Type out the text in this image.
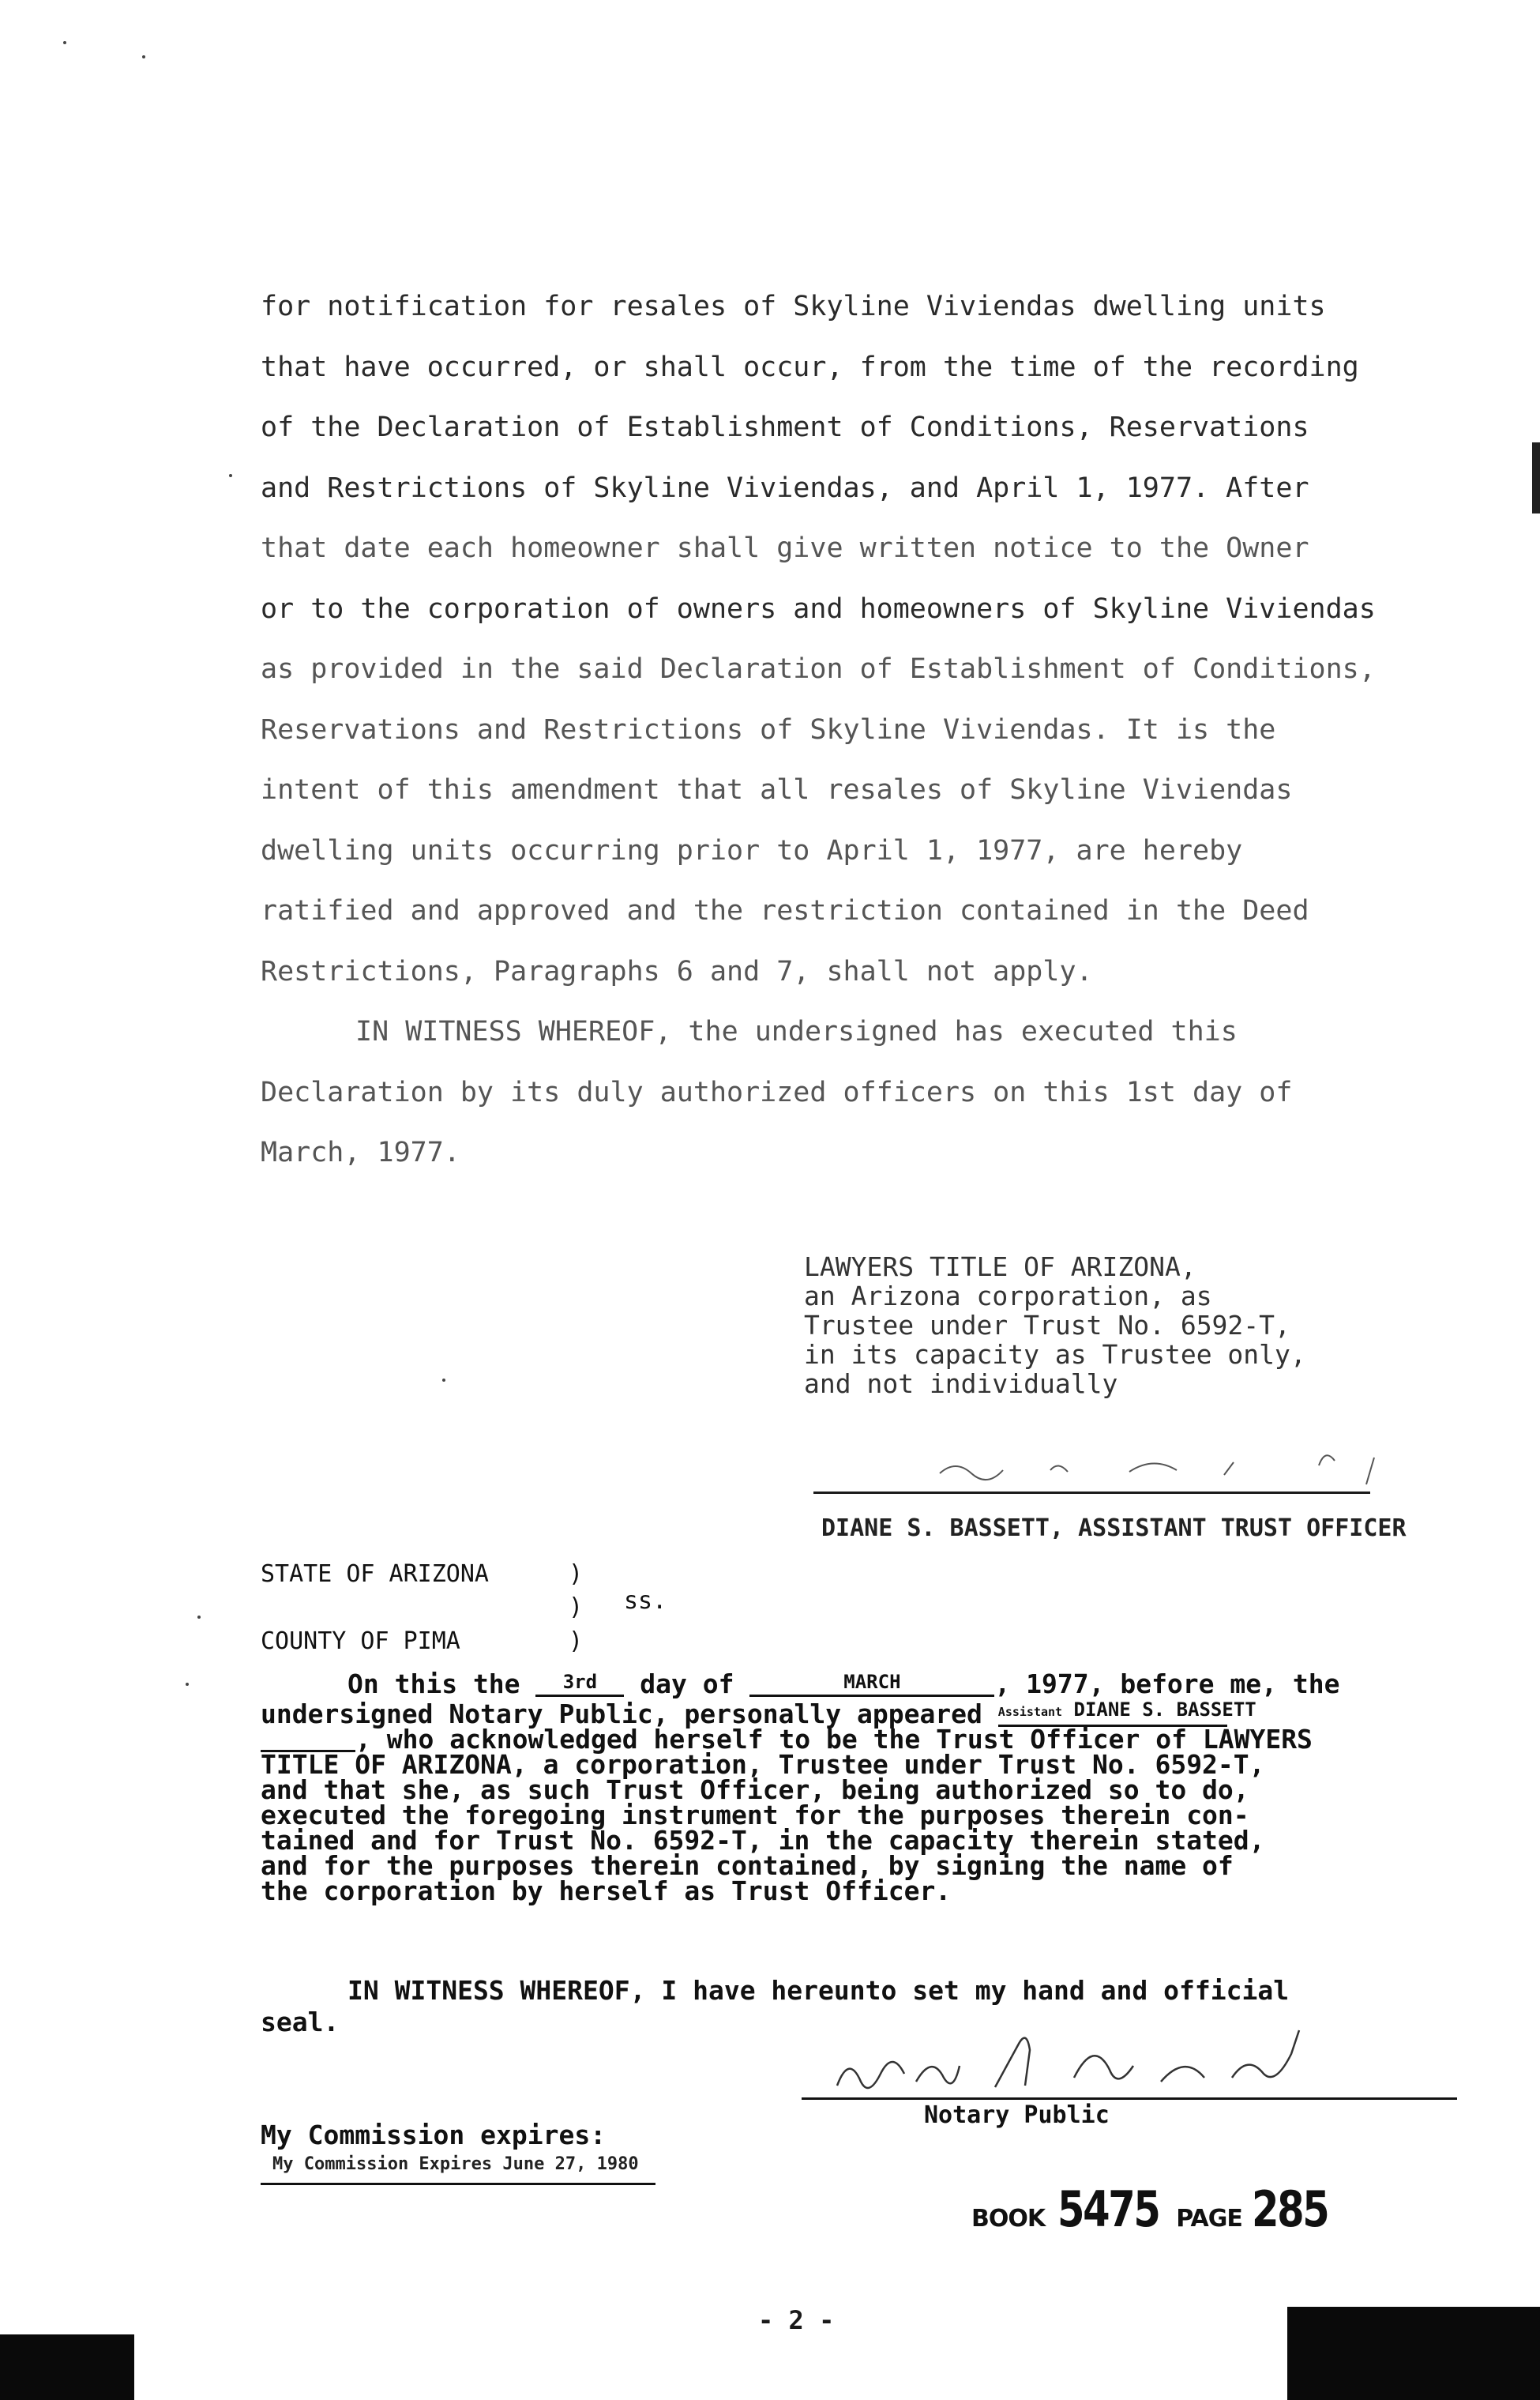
for notification for resales of Skyline Viviendas dwelling units
that have occurred, or shall occur, from the time of the recording
of the Declaration of Establishment of Conditions, Reservations
and Restrictions of Skyline Viviendas, and April 1, 1977. After
that date each homeowner shall give written notice to the Owner
or to the corporation of owners and homeowners of Skyline Viviendas
as provided in the said Declaration of Establishment of Conditions,
Reservations and Restrictions of Skyline Viviendas. It is the
intent of this amendment that all resales of Skyline Viviendas
dwelling units occurring prior to April 1, 1977, are hereby
ratified and approved and the restriction contained in the Deed
Restrictions, Paragraphs 6 and 7, shall not apply.
IN WITNESS WHEREOF, the undersigned has executed this
Declaration by its duly authorized officers on this 1st day of
March, 1977.
LAWYERS TITLE OF ARIZONA,
an Arizona corporation, as
Trustee under Trust No. 6592-T,
in its capacity as Trustee only,
and not individually
DIANE S. BASSETT, ASSISTANT TRUST OFFICER
STATE OF ARIZONA
COUNTY OF PIMA
)
)
)
ss.
On this the 3rd day of	MARCH	, 1977, before me, the
undersigned Notary Public, personally appeared Assistant DIANE S. BASSETT
, who acknowledged herself to be the Trust Officer of LAWYERS
TITLE OF ARIZONA, a corporation, Trustee under Trust No. 6592-T,
and that she, as such Trust Officer, being authorized so to do,
executed the foregoing instrument for the purposes therein con-
tained and for Trust No. 6592-T, in the capacity therein stated,
and for the purposes therein contained, by signing the name of
the corporation by herself as Trust Officer.
IN WITNESS WHEREOF, I have hereunto set my hand and official
seal.
Notary Public
My Commission expires:
My Commission Expires June 27, 1980
BOOK 5475 PAGE 285
- 2 -
